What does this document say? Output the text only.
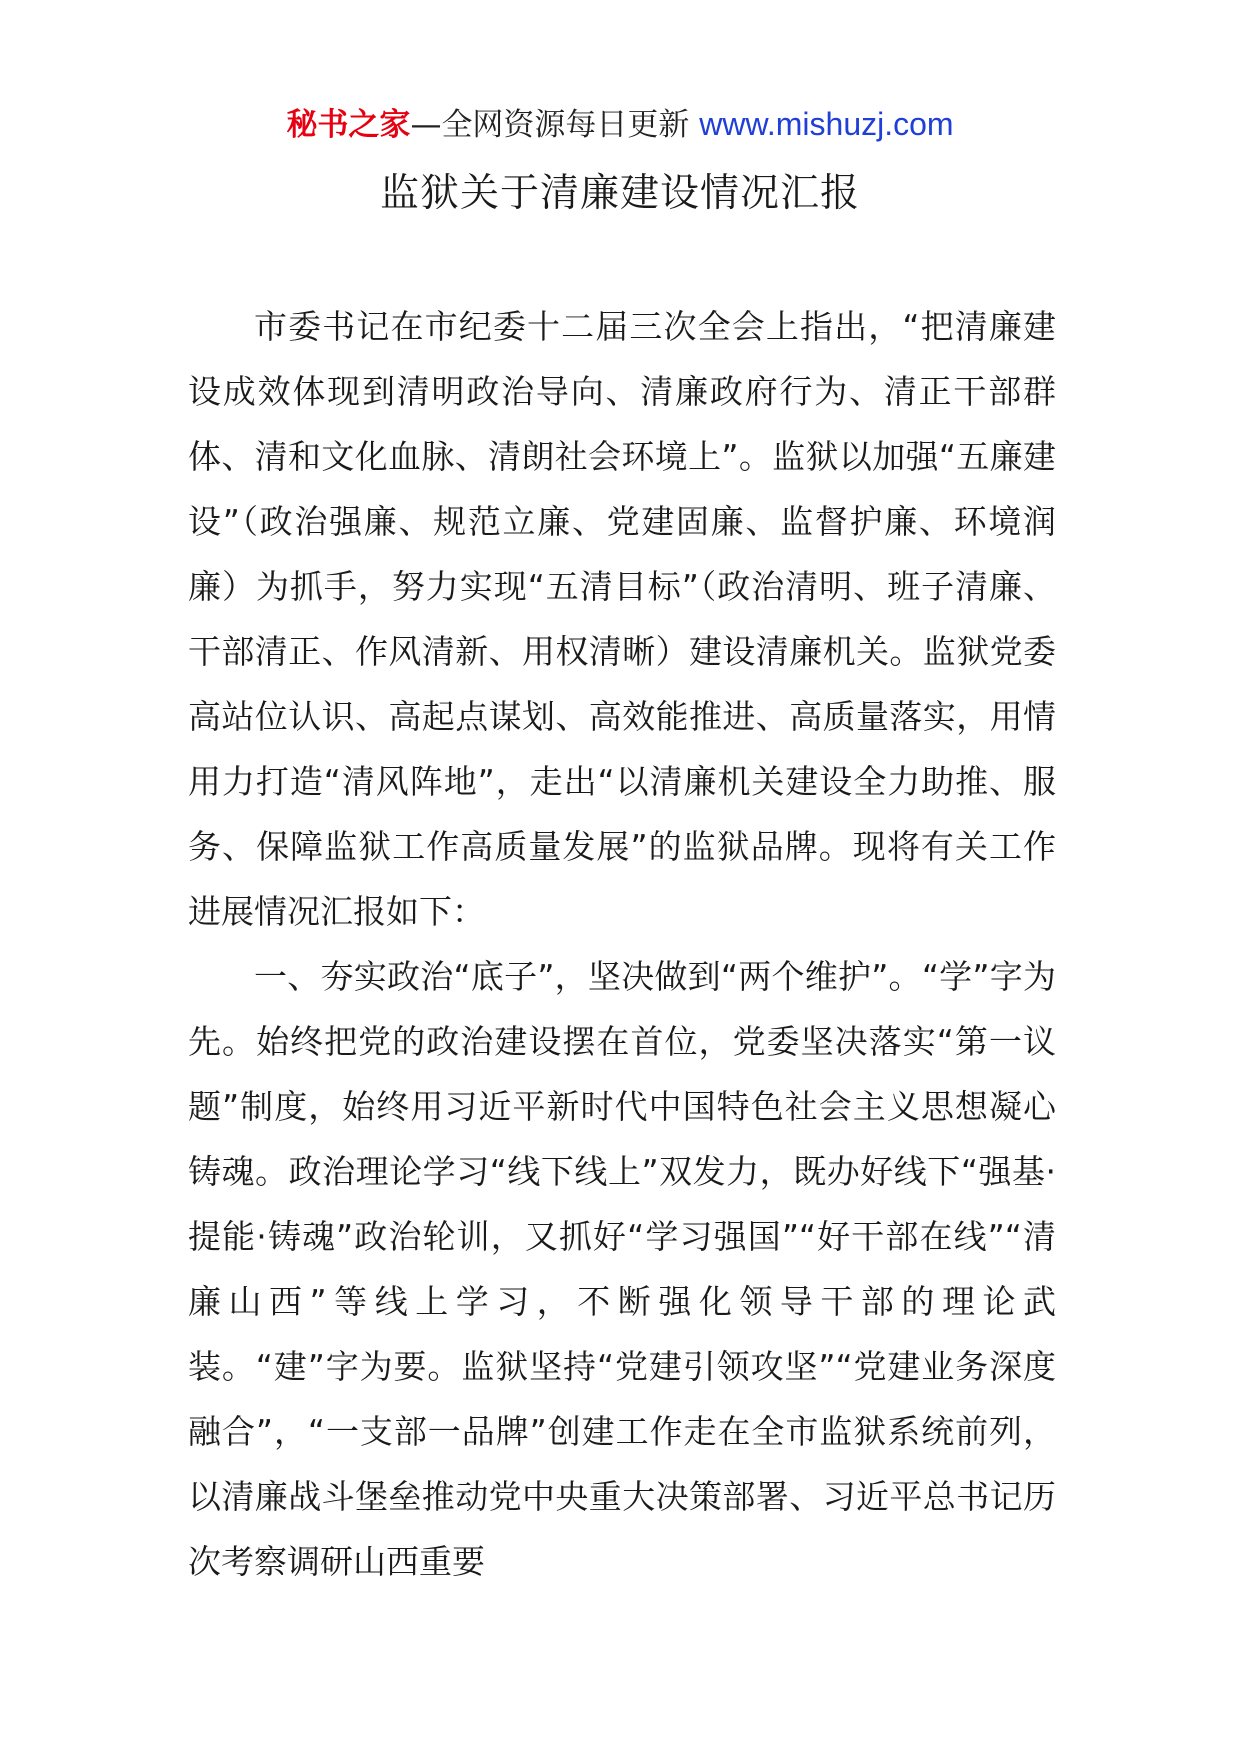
秘书之家—全网资源每日更新 www.mishuzj.com
监狱关于清廉建设情况汇报

市委书记在市纪委十二届三次全会上指出，“把清廉建设成效体现到清明政治导向、清廉政府行为、清正干部群体、清和文化血脉、清朗社会环境上”。监狱以加强“五廉建设”（政治强廉、规范立廉、党建固廉、监督护廉、环境润廉）为抓手，努力实现“五清目标”（政治清明、班子清廉、干部清正、作风清新、用权清晰）建设清廉机关。监狱党委高站位认识、高起点谋划、高效能推进、高质量落实，用情用力打造“清风阵地”，走出“以清廉机关建设全力助推、服务、保障监狱工作高质量发展”的监狱品牌。现将有关工作进展情况汇报如下：

一、夯实政治“底子”，坚决做到“两个维护”。“学”字为先。始终把党的政治建设摆在首位，党委坚决落实“第一议题”制度，始终用习近平新时代中国特色社会主义思想凝心铸魂。政治理论学习“线下线上”双发力，既办好线下“强基·提能·铸魂”政治轮训，又抓好“学习强国”“好干部在线”“清廉山西”等线上学习，不断强化领导干部的理论武装。“建”字为要。监狱坚持“党建引领攻坚”“党建业务深度融合”，“一支部一品牌”创建工作走在全市监狱系统前列，以清廉战斗堡垒推动党中央重大决策部署、习近平总书记历次考察调研山西重要
